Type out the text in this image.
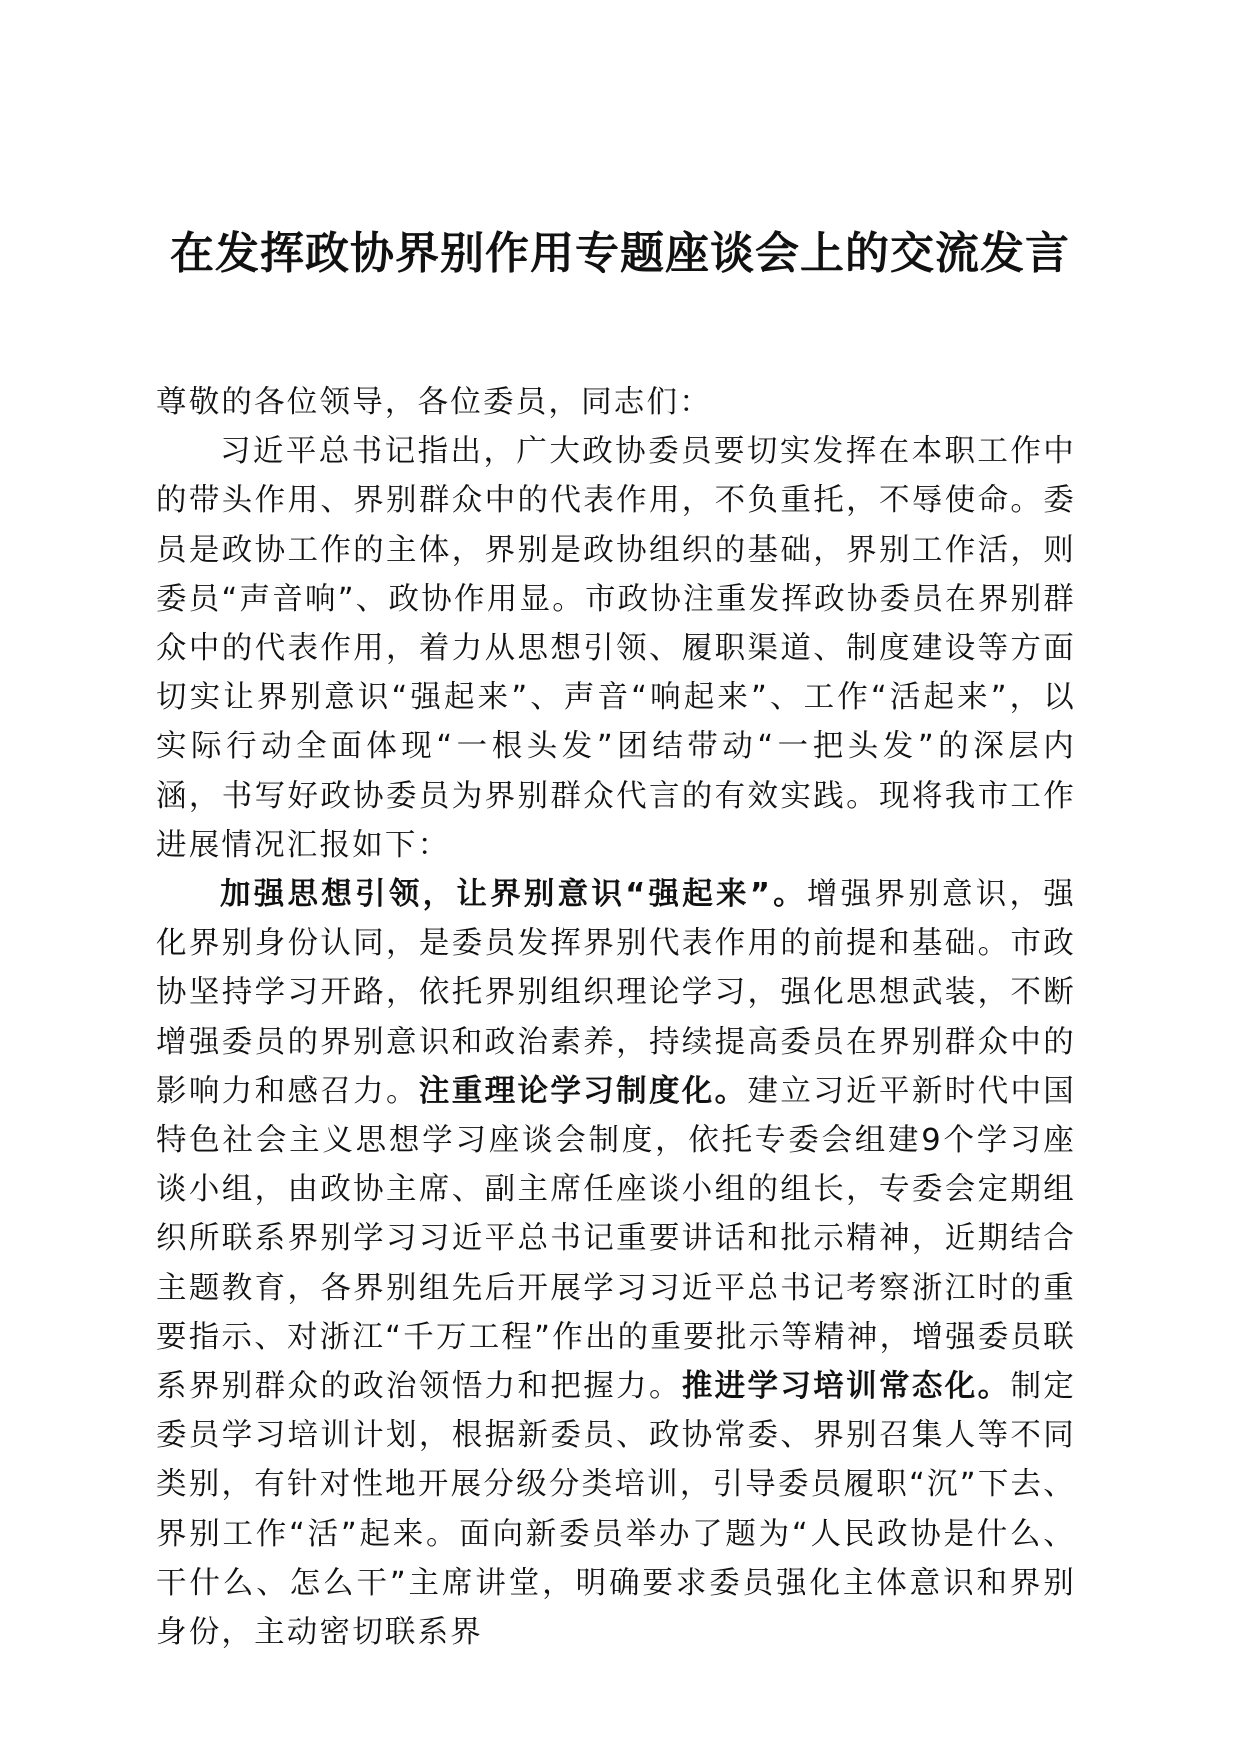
在发挥政协界别作用专题座谈会上的交流发言

尊敬的各位领导，各位委员，同志们：

习近平总书记指出，广大政协委员要切实发挥在本职工作中的带头作用、界别群众中的代表作用，不负重托，不辱使命。委员是政协工作的主体，界别是政协组织的基础，界别工作活，则委员“声音响”、政协作用显。市政协注重发挥政协委员在界别群众中的代表作用，着力从思想引领、履职渠道、制度建设等方面切实让界别意识“强起来”、声音“响起来”、工作“活起来”，以实际行动全面体现“一根头发”团结带动“一把头发”的深层内涵，书写好政协委员为界别群众代言的有效实践。现将我市工作进展情况汇报如下：

加强思想引领，让界别意识“强起来”。增强界别意识，强化界别身份认同，是委员发挥界别代表作用的前提和基础。市政协坚持学习开路，依托界别组织理论学习，强化思想武装，不断增强委员的界别意识和政治素养，持续提高委员在界别群众中的影响力和感召力。注重理论学习制度化。建立习近平新时代中国特色社会主义思想学习座谈会制度，依托专委会组建9个学习座谈小组，由政协主席、副主席任座谈小组的组长，专委会定期组织所联系界别学习习近平总书记重要讲话和批示精神，近期结合主题教育，各界别组先后开展学习习近平总书记考察浙江时的重要指示、对浙江“千万工程”作出的重要批示等精神，增强委员联系界别群众的政治领悟力和把握力。推进学习培训常态化。制定委员学习培训计划，根据新委员、政协常委、界别召集人等不同类别，有针对性地开展分级分类培训，引导委员履职“沉”下去、界别工作“活”起来。面向新委员举办了题为“人民政协是什么、干什么、怎么干”主席讲堂，明确要求委员强化主体意识和界别身份，主动密切联系界
